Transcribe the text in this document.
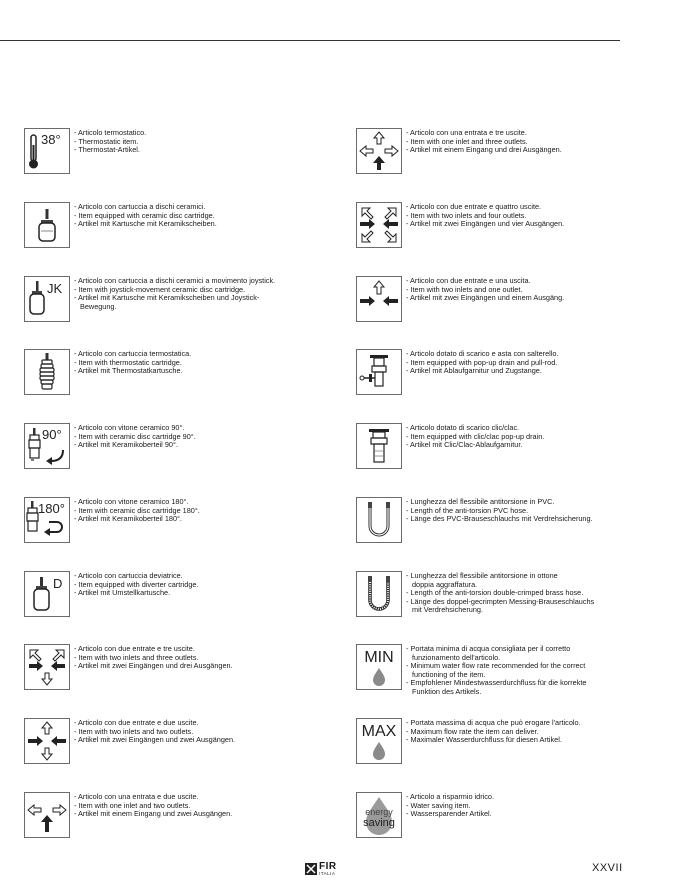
38° - Articolo termostatico.
- Thermostatic item.
- Thermostat-Artikel.
- Articolo con cartuccia a dischi ceramici.
- Item equipped with ceramic disc cartridge.
- Artikel mit Kartusche mit Keramikscheiben.
JK
- Articolo con cartuccia a dischi ceramici a movimento joystick.
- Item with joystick-movement ceramic disc cartridge.
- Artikel mit Kartusche mit Keramikscheiben und Joystick-
Bewegung.
- Articolo con cartuccia termostatica.
- Item with thermostatic cartridge.
- Artikel mit Thermostatkartusche.
90° - Articolo con vitone ceramico 90°.
- Item with ceramic disc cartridge 90°.
- Artikel mit Keramikoberteil 90°.
180° - Articolo con vitone ceramico 180°.
- Item with ceramic disc cartridge 180°.
- Artikel mit Keramikoberteil 180°.
D
- Articolo con cartuccia deviatrice.
- Item equipped with diverter cartridge.
- Artikel mit Umstellkartusche.
- Articolo con due entrate e tre uscite.
- Item with two inlets and three outlets.
- Artikel mit zwei Eingängen und drei Ausgängen.
- Articolo con due entrate e due uscite.
- Item with two inlets and two outlets.
- Artikel mit zwei Eingängen und zwei Ausgängen.
- Articolo con una entrata e due uscite.
- Item with one inlet and two outlets.
- Artikel mit einem Eingang und zwei Ausgängen.
- Articolo con una entrata e tre uscite.
- Item with one inlet and three outlets.
- Artikel mit einem Eingang und drei Ausgängen.
- Articolo con due entrate e quattro uscite.
- Item with two inlets and four outlets.
- Artikel mit zwei Eingängen und vier Ausgängen.
- Articolo con due entrate e una uscita.
- Item with two inlets and one outlet.
- Artikel mit zwei Eingängen und einem Ausgäng.
- Articolo dotato di scarico e asta con salterello.
- Item equipped with pop-up drain and pull-rod.
- Artikel mit Ablaufgarnitur und Zugstange.
- Articolo dotato di scarico clic/clac.
- Item equipped with clic/clac pop-up drain.
- Artikel mit Clic/Clac-Ablaufgarnitur.
- Lunghezza del flessibile antitorsione in PVC.
- Length of the anti-torsion PVC hose.
- Länge des PVC-Brauseschlauchs mit Verdrehsicherung.
- Lunghezza del flessibile antitorsione in ottone
doppia aggraffatura.
- Length of the anti-torsion double-crimped brass hose.
- Länge des doppel-gecrimpten Messing-Brauseschlauchs
mit Verdrehsicherung.
MIN
- Portata minima di acqua consigliata per il corretto
funzionamento dell'articolo.
- Minimum water flow rate recommended for the correct
functioning of the item.
- Empfohlener Mindestwasserdurchfluss für die korrekte
Funktion des Artikels.
MAX
- Portata massima di acqua che può erogare l'articolo.
- Maximum flow rate the item can deliver.
- Maximaler Wasserdurchfluss für diesen Artikel.
energy
saving
- Articolo a risparmio idrico.
- Water saving item.
- Wassersparender Artikel.
FIR
ITALIA	XXVII
